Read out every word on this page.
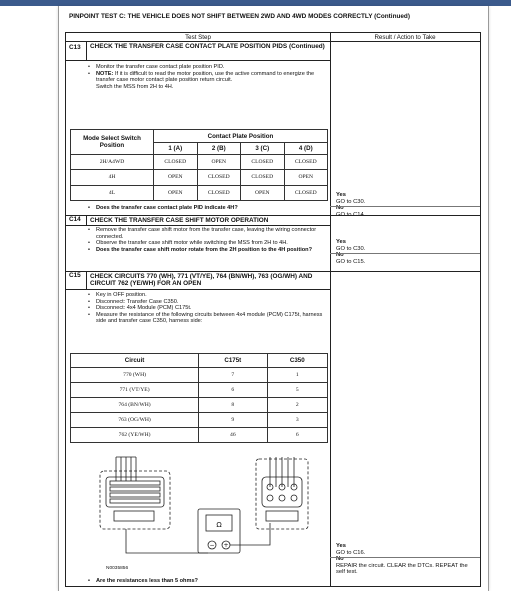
PINPOINT TEST C: THE VEHICLE DOES NOT SHIFT BETWEEN 2WD AND 4WD MODES CORRECTLY (Continued)
Test Step	Result / Action to Take
C13 CHECK THE TRANSFER CASE CONTACT PLATE POSITION PIDS (Continued)
• Monitor the transfer case contact plate position PID.
• NOTE: If it is difficult to read the motor position, use the active command to energize the transfer case motor contact plate position return circuit.
Switch the MSS from 2H to 4H.
Mode Select Switch Position	Contact Plate Position			
	1 (A)	2 (B)	3 (C)	4 (D)
2H/A4WD	CLOSED	OPEN	CLOSED	CLOSED
4H	OPEN	CLOSED	CLOSED	OPEN
4L	OPEN	CLOSED	OPEN	CLOSED
• Does the transfer case contact plate PID indicate 4H?
Yes
GO to C30.
No
GO to C14.
C14 CHECK THE TRANSFER CASE SHIFT MOTOR OPERATION
• Remove the transfer case shift motor from the transfer case, leaving the wiring connector connected.
• Observe the transfer case shift motor while switching the MSS from 2H to 4H.
• Does the transfer case shift motor rotate from the 2H position to the 4H position?
Yes
GO to C30.
No
GO to C15.
C15 CHECK CIRCUITS 770 (WH), 771 (VT/YE), 764 (BN/WH), 763 (OG/WH) AND CIRCUIT 762 (YE/WH) FOR AN OPEN
• Key in OFF position.
• Disconnect: Transfer Case C350.
• Disconnect: 4x4 Module (PCM) C175t.
• Measure the resistance of the following circuits between 4x4 module (PCM) C175t, harness side and transfer case C350, harness side:
Circuit	C175t	C350
770 (WH)	7	1
771 (VT/YE)	6	5
764 (BN/WH)	8	2
763 (OG/WH)	9	3
762 (YE/WH)	46	6
Ω
− +
N0035856
• Are the resistances less than 5 ohms?
Yes
GO to C16.
No
REPAIR the circuit. CLEAR the DTCs. REPEAT the self test.
